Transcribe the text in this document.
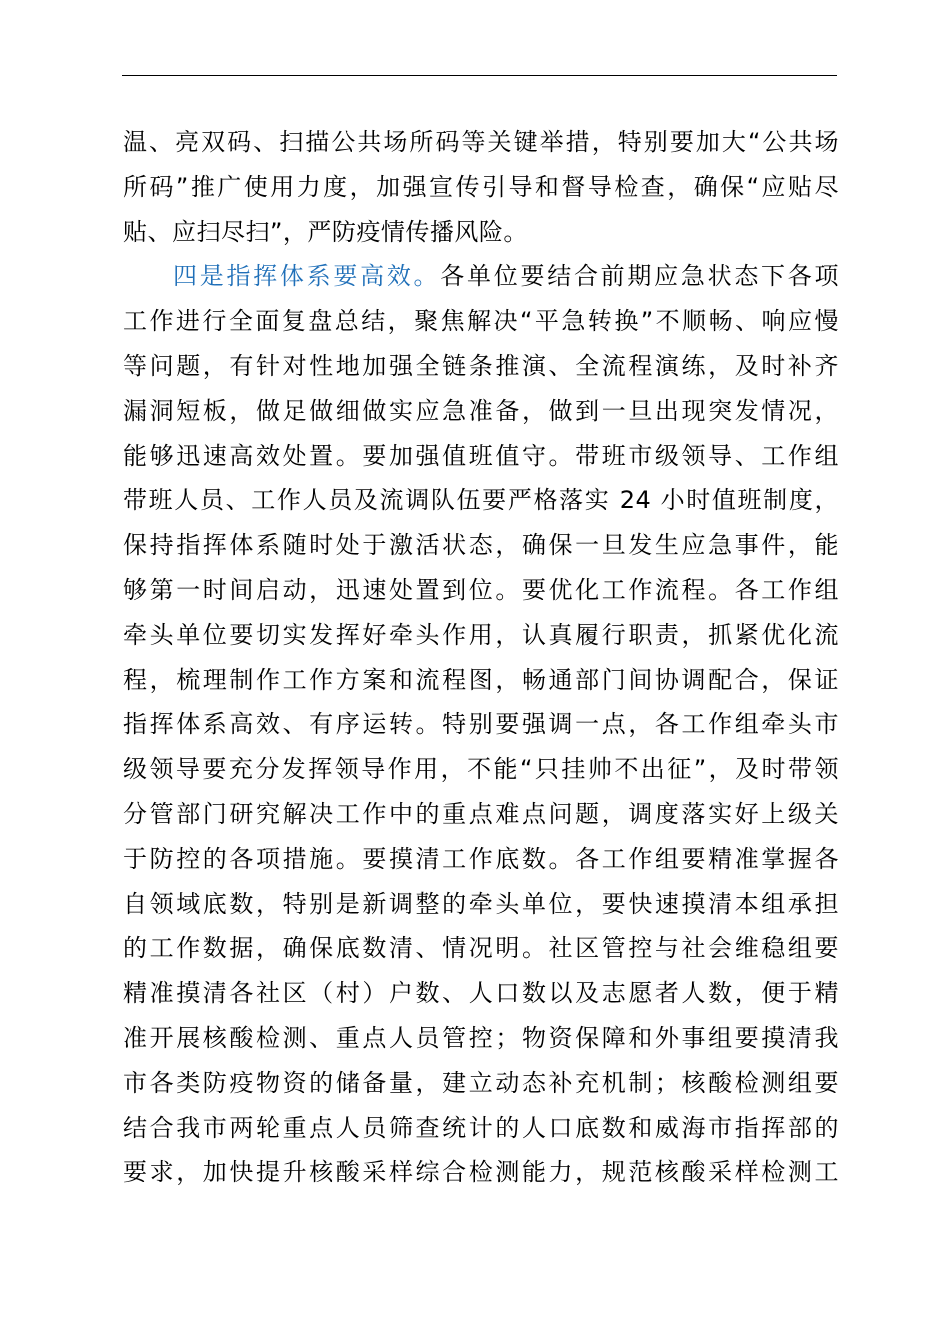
温、亮双码、扫描公共场所码等关键举措，特别要加大“公共场
所码”推广使用力度，加强宣传引导和督导检查，确保“应贴尽
贴、应扫尽扫”，严防疫情传播风险。
四是指挥体系要高效。各单位要结合前期应急状态下各项
工作进行全面复盘总结，聚焦解决“平急转换”不顺畅、响应慢
等问题，有针对性地加强全链条推演、全流程演练，及时补齐
漏洞短板，做足做细做实应急准备，做到一旦出现突发情况，
能够迅速高效处置。要加强值班值守。带班市级领导、工作组
带班人员、工作人员及流调队伍要严格落实 24 小时值班制度，
保持指挥体系随时处于激活状态，确保一旦发生应急事件，能
够第一时间启动，迅速处置到位。要优化工作流程。各工作组
牵头单位要切实发挥好牵头作用，认真履行职责，抓紧优化流
程，梳理制作工作方案和流程图，畅通部门间协调配合，保证
指挥体系高效、有序运转。特别要强调一点，各工作组牵头市
级领导要充分发挥领导作用，不能“只挂帅不出征”，及时带领
分管部门研究解决工作中的重点难点问题，调度落实好上级关
于防控的各项措施。要摸清工作底数。各工作组要精准掌握各
自领域底数，特别是新调整的牵头单位，要快速摸清本组承担
的工作数据，确保底数清、情况明。社区管控与社会维稳组要
精准摸清各社区（村）户数、人口数以及志愿者人数，便于精
准开展核酸检测、重点人员管控；物资保障和外事组要摸清我
市各类防疫物资的储备量，建立动态补充机制；核酸检测组要
结合我市两轮重点人员筛查统计的人口底数和威海市指挥部的
要求，加快提升核酸采样综合检测能力，规范核酸采样检测工
